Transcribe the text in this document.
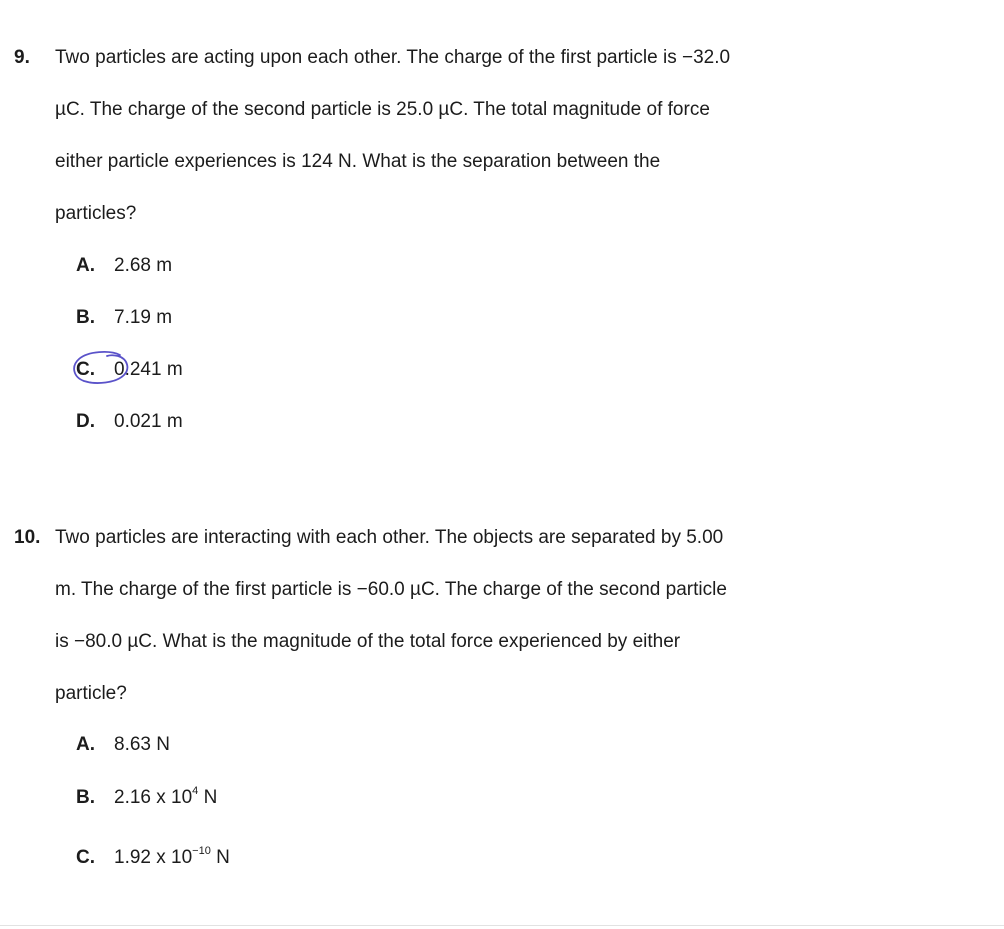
9. Two particles are acting upon each other. The charge of the first particle is −32.0
µC. The charge of the second particle is 25.0 µC. The total magnitude of force
either particle experiences is 124 N. What is the separation between the
particles?
A. 2.68 m
B. 7.19 m
C. 0.241 m
D. 0.021 m
10. Two particles are interacting with each other. The objects are separated by 5.00
m. The charge of the first particle is −60.0 µC. The charge of the second particle
is −80.0 µC. What is the magnitude of the total force experienced by either
particle?
A. 8.63 N
B. 2.16 x $10^4$ N
C. 1.92 x $10^{-10}$ N
